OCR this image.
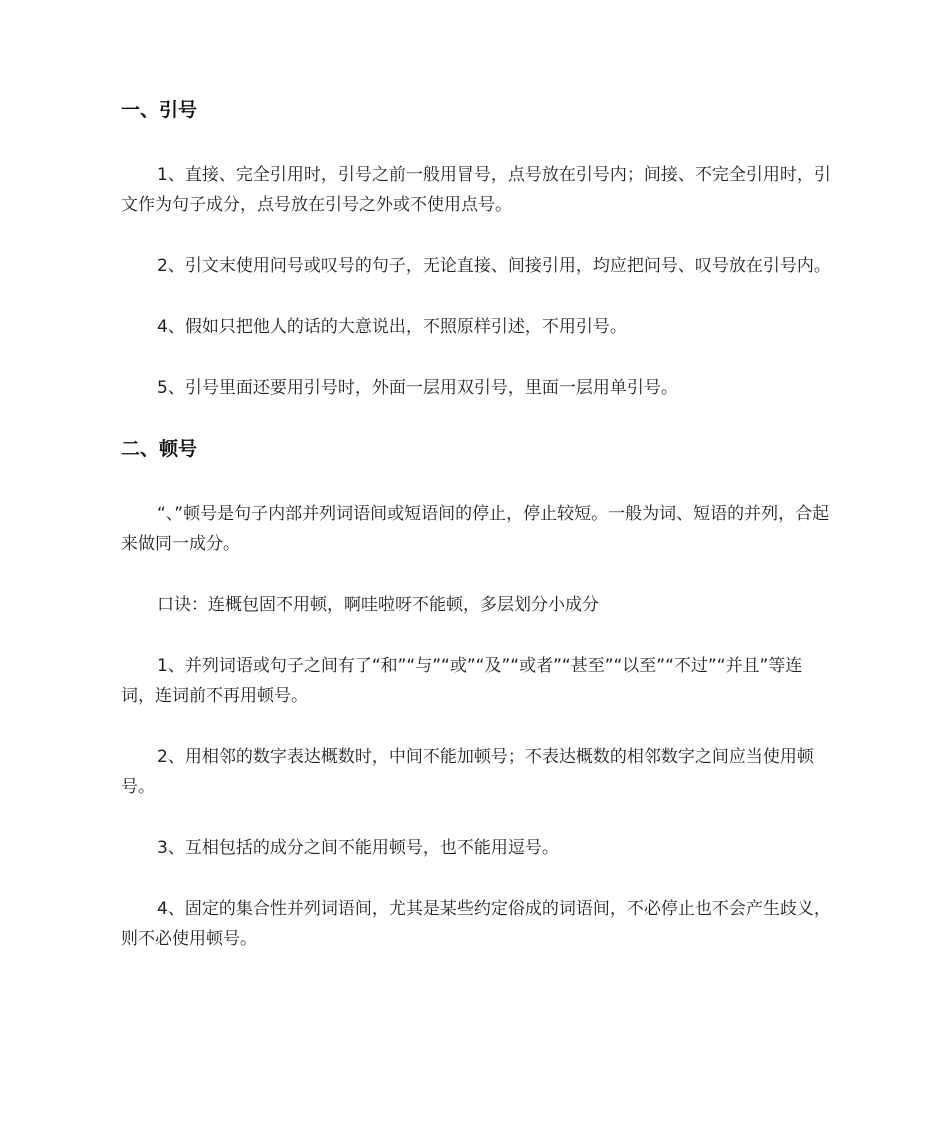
一、引号

1、直接、完全引用时，引号之前一般用冒号，点号放在引号内；间接、不完全引用时，引文作为句子成分，点号放在引号之外或不使用点号。

2、引文末使用问号或叹号的句子，无论直接、间接引用，均应把问号、叹号放在引号内。

4、假如只把他人的话的大意说出，不照原样引述，不用引号。

5、引号里面还要用引号时，外面一层用双引号，里面一层用单引号。

二、顿号

“、”顿号是句子内部并列词语间或短语间的停止，停止较短。一般为词、短语的并列，合起来做同一成分。

口诀：连概包固不用顿，啊哇啦呀不能顿，多层划分小成分

1、并列词语或句子之间有了“和”“与”“或”“及”“或者”“甚至”“以至”“不过”“并且”等连词，连词前不再用顿号。

2、用相邻的数字表达概数时，中间不能加顿号；不表达概数的相邻数字之间应当使用顿号。

3、互相包括的成分之间不能用顿号，也不能用逗号。

4、固定的集合性并列词语间，尤其是某些约定俗成的词语间，不必停止也不会产生歧义，则不必使用顿号。
